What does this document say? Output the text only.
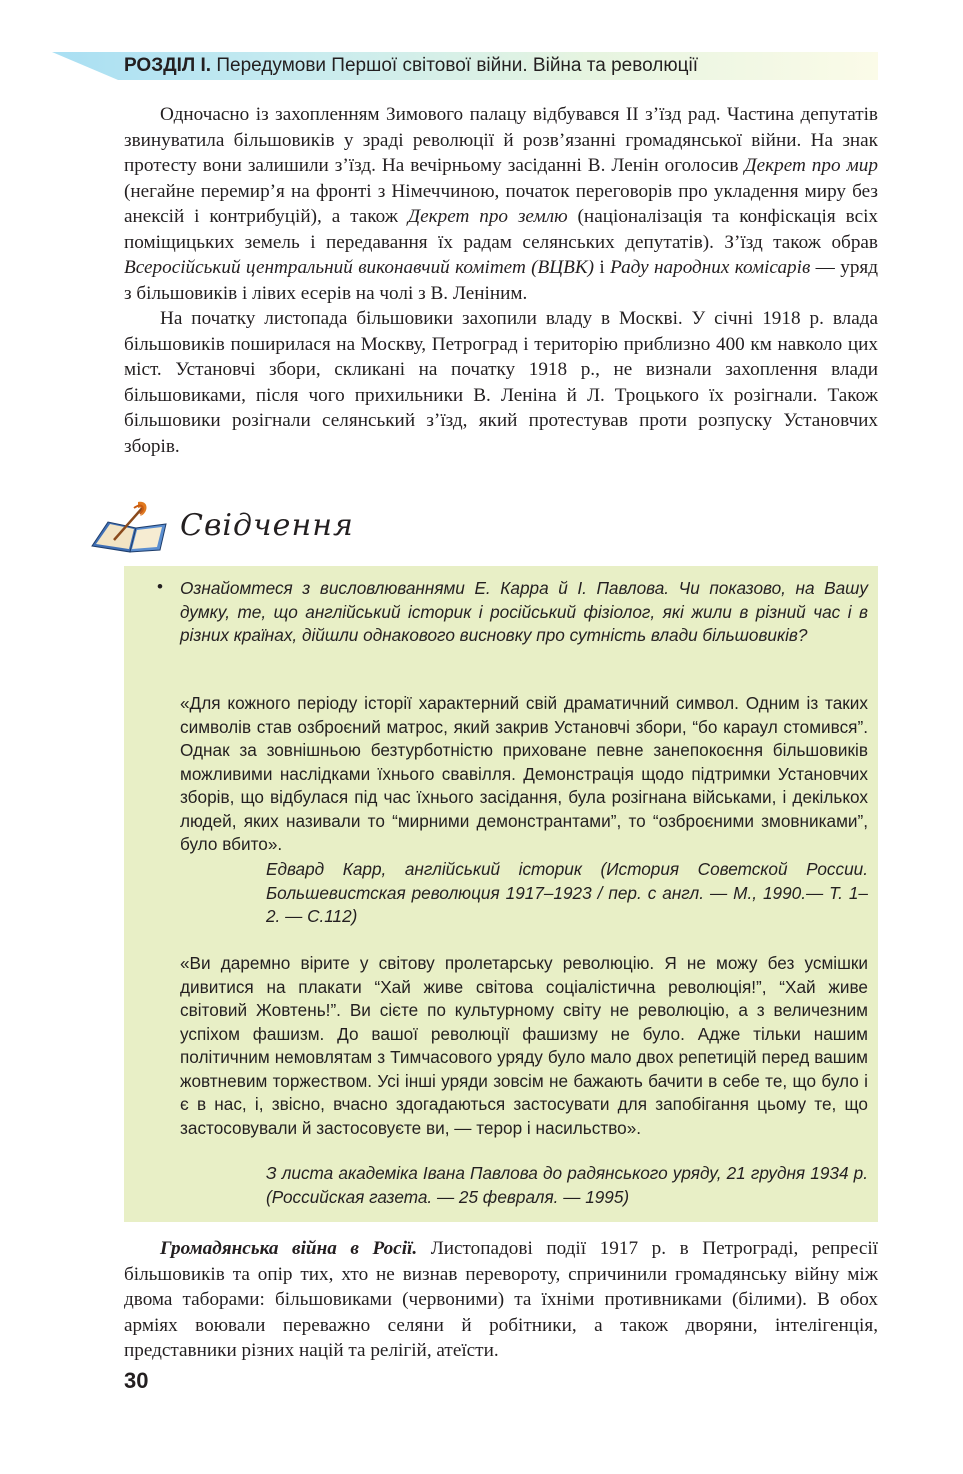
РОЗДІЛ І. Передумови Першої світової війни. Війна та революції

Одночасно із захопленням Зимового палацу відбувався II з’їзд рад. Частина депутатів звинуватила більшовиків у зраді революції й розв’язанні громадянської війни. На знак протесту вони залишили з’їзд. На вечірньому засіданні В. Ленін оголосив Декрет про мир (негайне перемир’я на фронті з Німеччиною, початок переговорів про укладення миру без анексій і контрибуцій), а також Декрет про землю (націоналізація та конфіскація всіх поміщицьких земель і передавання їх радам селянських депутатів). З’їзд також обрав Всеросійський центральний виконавчий комітет (ВЦВК) і Раду народних комісарів — уряд з більшовиків і лівих есерів на чолі з В. Леніним.

На початку листопада більшовики захопили владу в Москві. У січні 1918 р. влада більшовиків поширилася на Москву, Петроград і територію приблизно 400 км навколо цих міст. Установчі збори, скликані на початку 1918 р., не визнали захоплення влади більшовиками, після чого прихильники В. Леніна й Л. Троцького їх розігнали. Також більшовики розігнали селянський з’їзд, який протестував проти розпуску Установчих зборів.

Свідчення
• Ознайомтеся з висловлюваннями Е. Карра й І. Павлова. Чи показово, на Вашу думку, те, що англійський історик і російський фізіолог, які жили в різний час і в різних країнах, дійшли однакового висновку про сутність влади більшовиків?

«Для кожного періоду історії характерний свій драматичний символ. Одним із таких символів став озброєний матрос, який закрив Установчі збори, “бо караул стомився”. Однак за зовнішньою безтурботністю приховане певне занепокоєння більшовиків можливими наслідками їхнього свавілля. Демонстрація щодо підтримки Установчих зборів, що відбулася під час їхнього засідання, була розігнана військами, і декількох людей, яких називали то “мирними демонстрантами”, то “озброєними змовниками”, було вбито».

Едвард Карр, англійський історик (История Советской России. Большевистская революция 1917–1923 / пер. с англ. — М., 1990.— Т. 1–2. — С.112)

«Ви даремно вірите у світову пролетарську революцію. Я не можу без усмішки дивитися на плакати “Хай живе світова соціалістична революція!”, “Хай живе світовий Жовтень!”. Ви сієте по культурному світу не революцію, а з величезним успіхом фашизм. До вашої революції фашизму не було. Адже тільки нашим політичним немовлятам з Тимчасового уряду було мало двох репетицій перед вашим жовтневим торжеством. Усі інші уряди зовсім не бажають бачити в себе те, що було і є в нас, і, звісно, вчасно здогадаються застосувати для запобігання цьому те, що застосовували й застосовуєте ви, — терор і насильство».

З листа академіка Івана Павлова до радянського уряду, 21 грудня 1934 р. (Российская газета. — 25 февраля. — 1995)

Громадянська війна в Росії. Листопадові події 1917 р. в Петрограді, репресії більшовиків та опір тих, хто не визнав перевороту, спричинили громадянську війну між двома таборами: більшовиками (червоними) та їхніми противниками (білими). В обох арміях воювали переважно селяни й робітники, а також дворяни, інтелігенція, представники різних націй та релігій, атеїсти.

30
